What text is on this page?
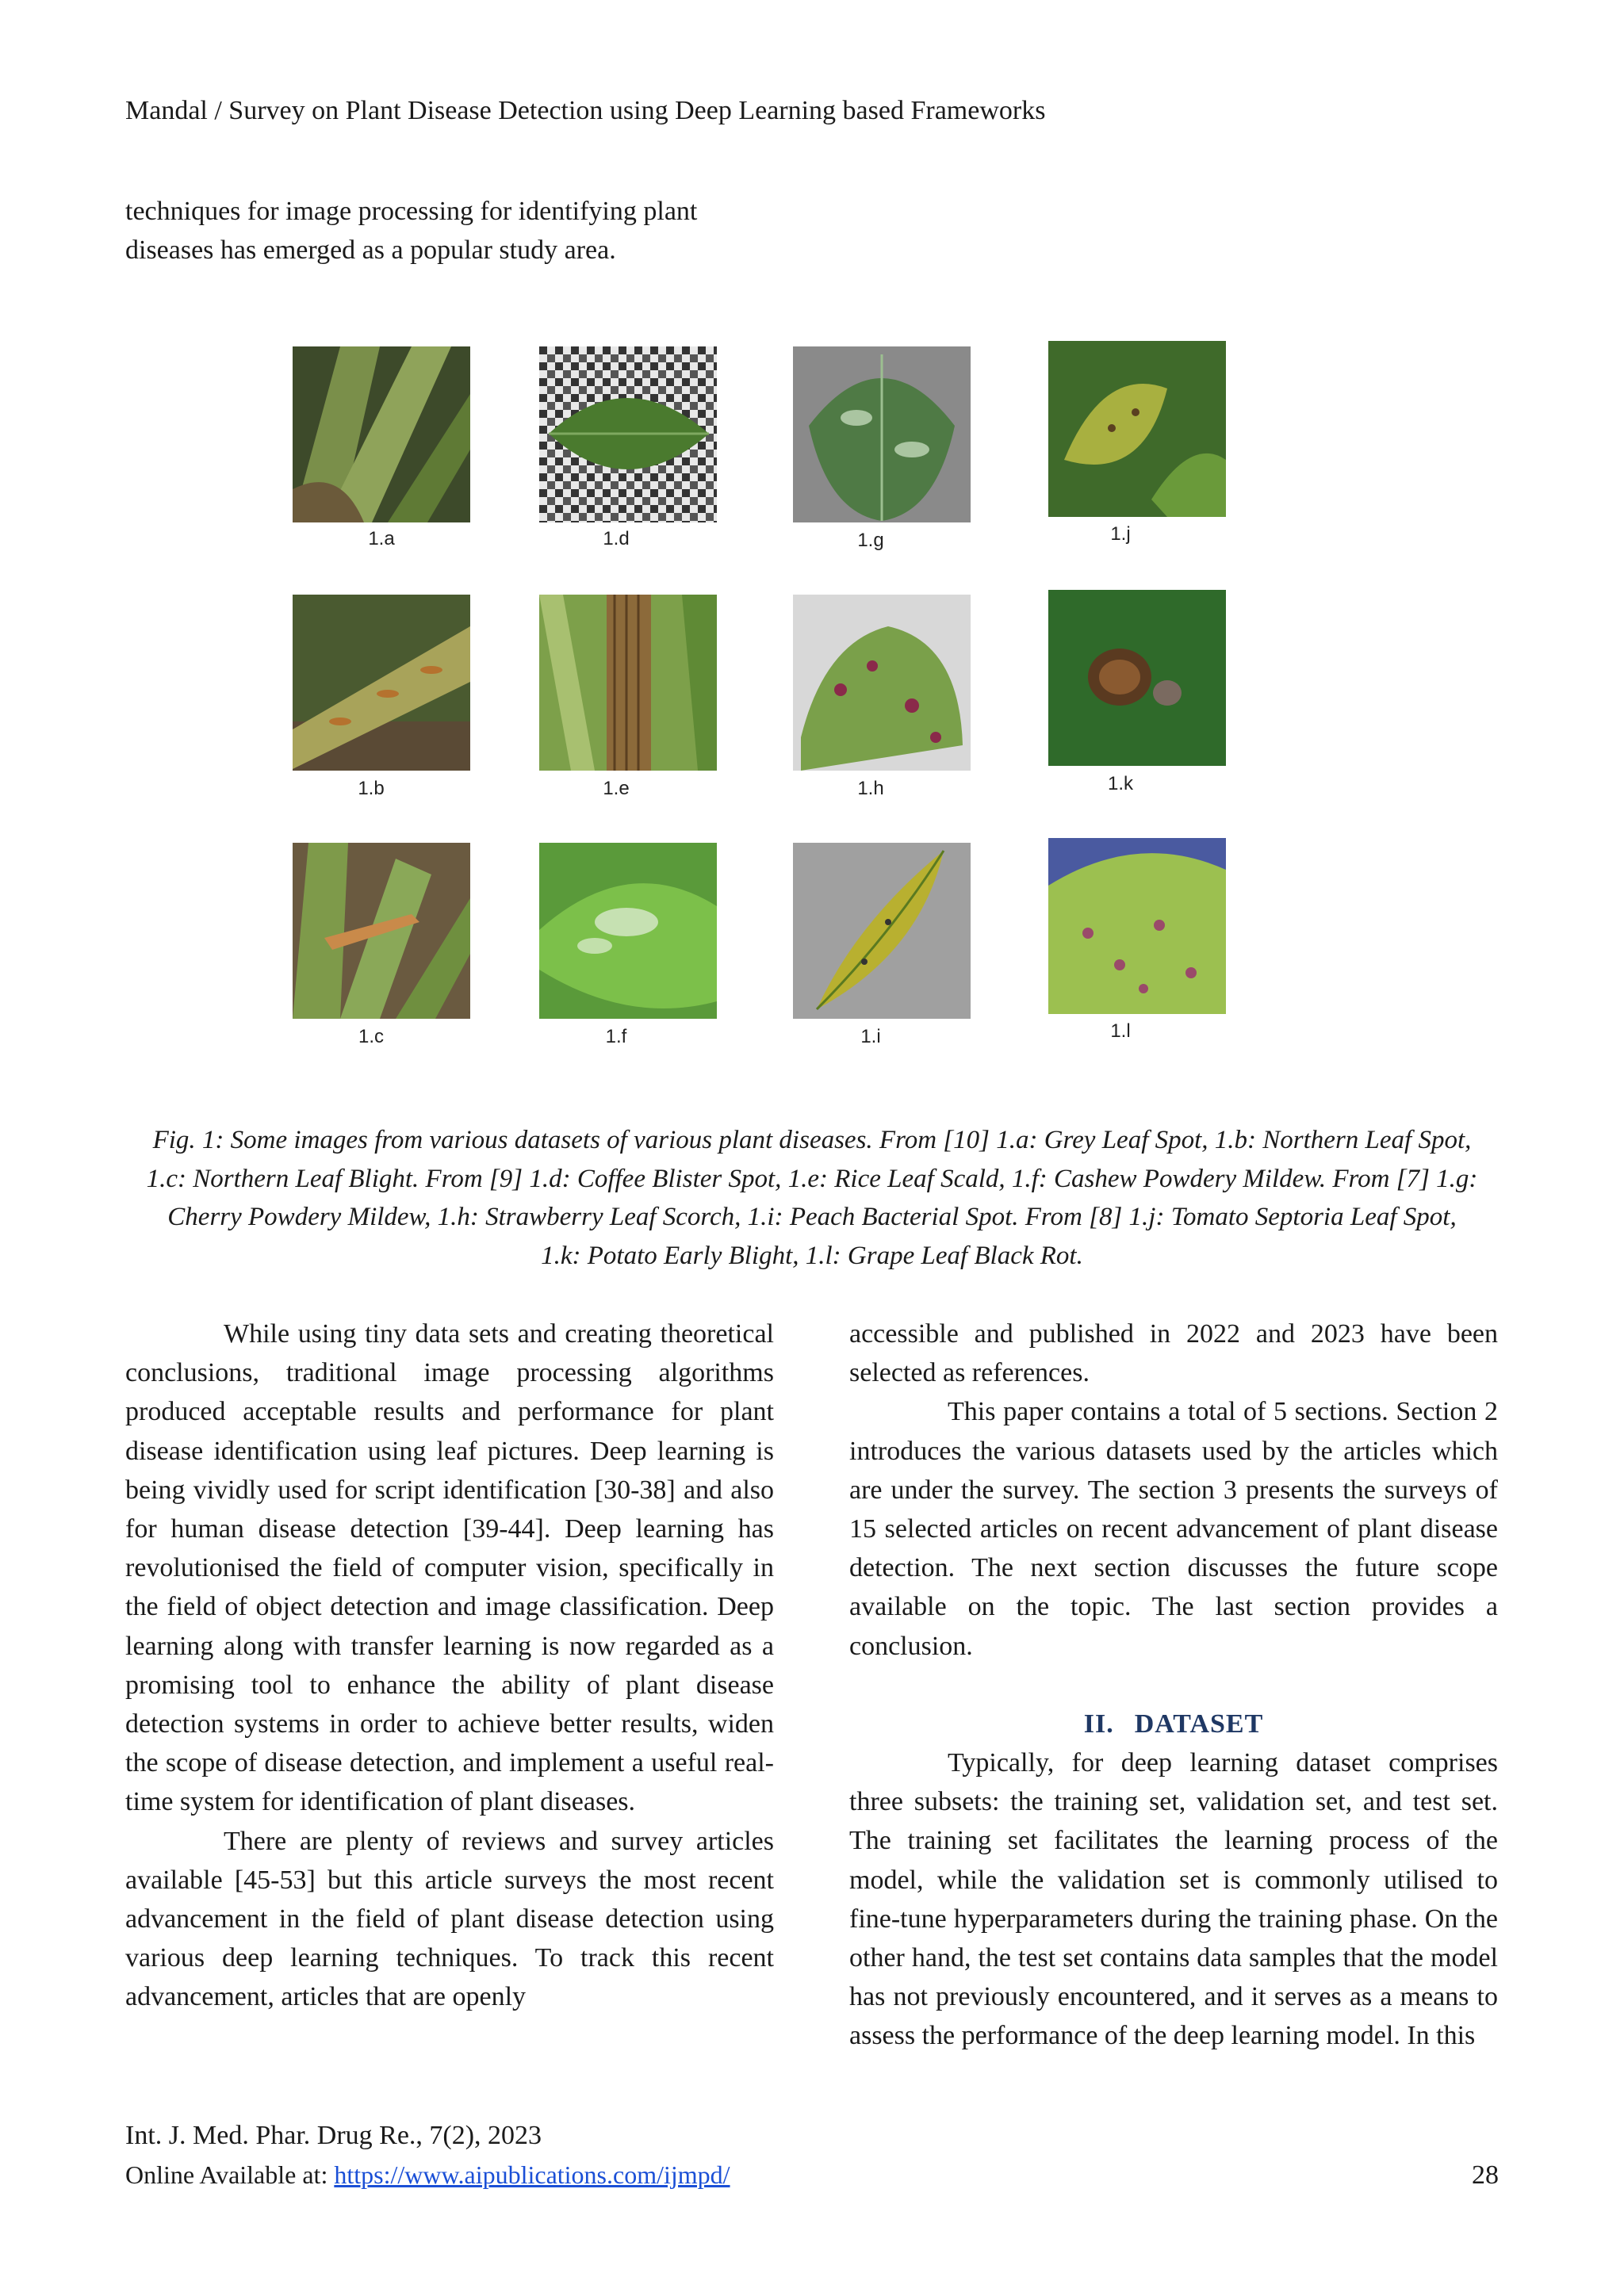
Mandal / Survey on Plant Disease Detection using Deep Learning based Frameworks

techniques for image processing for identifying plant

diseases has emerged as a popular study area.

1.a
1.b
1.c
1.d
1.e
1.f
1.g
1.h
1.i
1.j
1.k
1.l

Fig. 1: Some images from various datasets of various plant diseases. From [10] 1.a: Grey Leaf Spot, 1.b: Northern Leaf Spot,

1.c: Northern Leaf Blight. From [9] 1.d: Coffee Blister Spot, 1.e: Rice Leaf Scald, 1.f: Cashew Powdery Mildew. From [7] 1.g:

Cherry Powdery Mildew, 1.h: Strawberry Leaf Scorch, 1.i: Peach Bacterial Spot. From [8] 1.j: Tomato Septoria Leaf Spot,

1.k: Potato Early Blight, 1.l: Grape Leaf Black Rot.

While using tiny data sets and creating theoretical conclusions, traditional image processing algorithms produced acceptable results and performance for plant disease identification using leaf pictures. Deep learning is being vividly used for script identification [30-38] and also for human disease detection [39-44]. Deep learning has revolutionised the field of computer vision, specifically in the field of object detection and image classification. Deep learning along with transfer learning is now regarded as a promising tool to enhance the ability of plant disease detection systems in order to achieve better results, widen the scope of disease detection, and implement a useful real-time system for identification of plant diseases.

There are plenty of reviews and survey articles available [45-53] but this article surveys the most recent advancement in the field of plant disease detection using various deep learning techniques. To track this recent advancement, articles that are openly

accessible and published in 2022 and 2023 have been selected as references.

This paper contains a total of 5 sections. Section 2 introduces the various datasets used by the articles which are under the survey. The section 3 presents the surveys of 15 selected articles on recent advancement of plant disease detection. The next section discusses the future scope available on the topic. The last section provides a conclusion.

II. DATASET

Typically, for deep learning dataset comprises three subsets: the training set, validation set, and test set. The training set facilitates the learning process of the model, while the validation set is commonly utilised to fine-tune hyperparameters during the training phase. On the other hand, the test set contains data samples that the model has not previously encountered, and it serves as a means to assess the performance of the deep learning model. In this

Int. J. Med. Phar. Drug Re., 7(2), 2023
Online Available at: https://www.aipublications.com/ijmpd/	28
